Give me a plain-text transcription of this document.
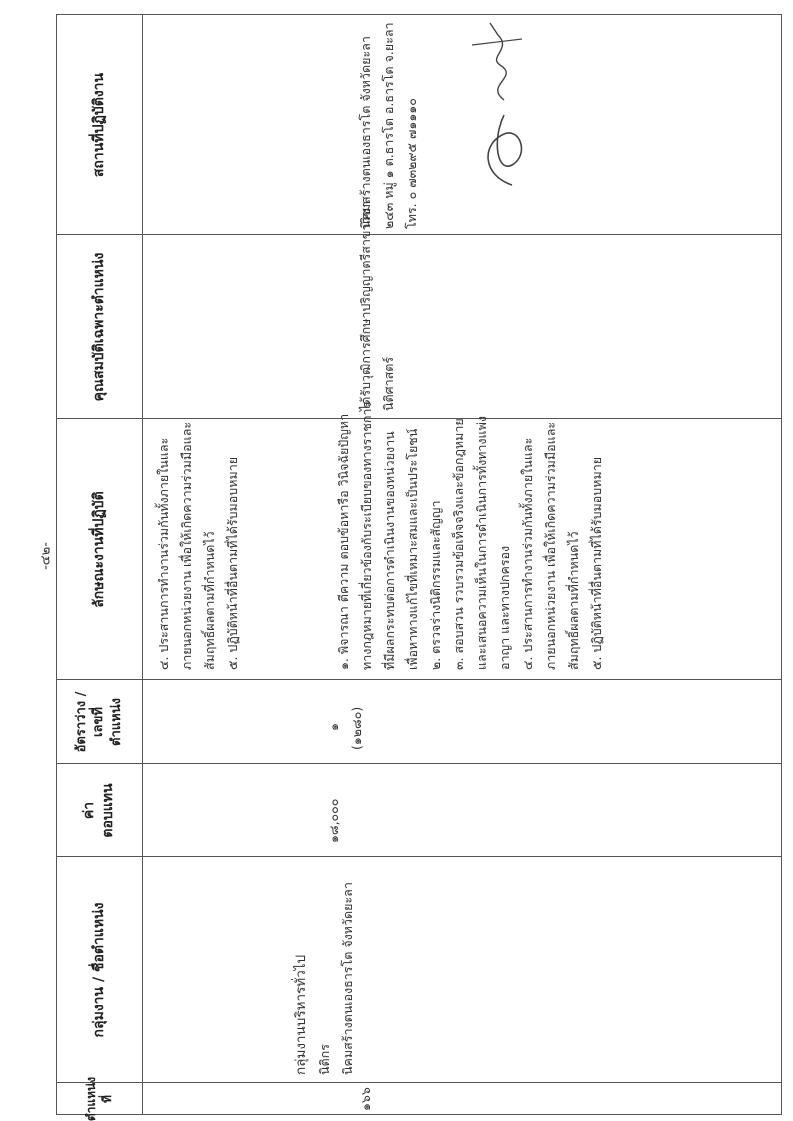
-๔๒-
ตำแหน่ง
ที่
กลุ่มงาน / ชื่อตำแหน่ง
ค่า
ตอบแทน
อัตราว่าง /
เลขที่
ตำแหน่ง
ลักษณะงานที่ปฏิบัติ
คุณสมบัติเฉพาะตำแหน่ง
สถานที่ปฏิบัติงาน
๔. ประสานการทำงานร่วมกันทั้งภายในและ ภายนอกหน่วยงาน เพื่อให้เกิดความร่วมมือและ สัมฤทธิ์ผลตามที่กำหนดไว้ ๕. ปฏิบัติหน้าที่อื่นตามที่ได้รับมอบหมาย
๑๖๖
กลุ่มงานบริหารทั่วไป นิติกร นิคมสร้างตนเองธารโต จังหวัดยะลา
๑๘,๐๐๐
๑ (๑๒๘๐)
๑. พิจารณา ตีความ ตอบข้อหารือ วินิจฉัยปัญหา ทางกฎหมายที่เกี่ยวข้องกับระเบียบของทางราชการ ที่มีผลกระทบต่อการดำเนินงานของหน่วยงาน เพื่อหาทางแก้ไขที่เหมาะสมและเป็นประโยชน์ ๒. ตรวจร่างนิติกรรมและสัญญา ๓. สอบสวน รวบรวมข้อเท็จจริงและข้อกฎหมาย และเสนอความเห็นในการดำเนินการทั้งทางแพ่ง อาญา และทางปกครอง ๔. ประสานการทำงานร่วมกันทั้งภายในและ ภายนอกหน่วยงาน เพื่อให้เกิดความร่วมมือและ สัมฤทธิ์ผลตามที่กำหนดไว้ ๕. ปฏิบัติหน้าที่อื่นตามที่ได้รับมอบหมาย
ได้รับวุฒิการศึกษาปริญญาตรีสาขาวิชา นิติศาสตร์
นิคมสร้างตนเองธารโต จังหวัดยะลา ๒๔๓ หมู่ ๑ ต.ธารโต อ.ธารโต จ.ยะลา โทร. ๐ ๗๓๒๙๕ ๗๑๑๑๐
